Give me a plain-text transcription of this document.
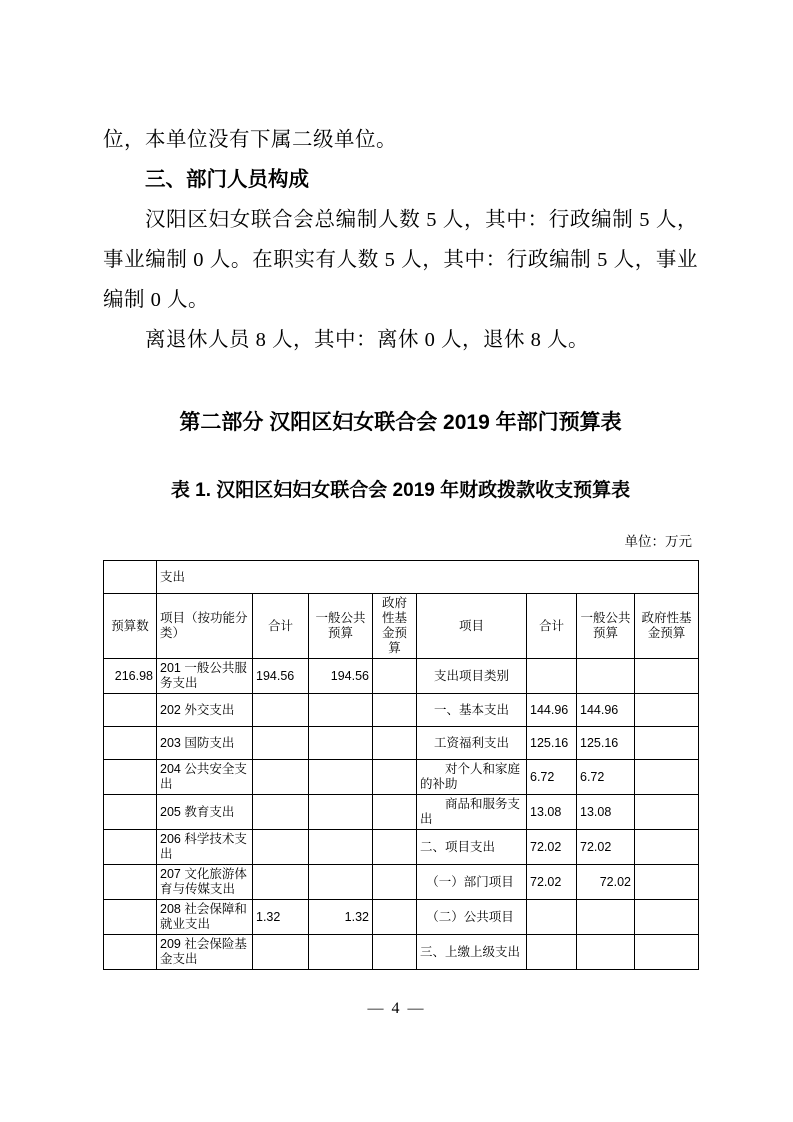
位，本单位没有下属二级单位。

三、部门人员构成

汉阳区妇女联合会总编制人数 5 人，其中：行政编制 5 人，事业编制 0 人。在职实有人数 5 人，其中：行政编制 5 人，事业编制 0 人。

离退休人员 8 人，其中：离休 0 人，退休 8 人。

第二部分 汉阳区妇女联合会 2019 年部门预算表

表 1. 汉阳区妇妇女联合会 2019 年财政拨款收支预算表

单位：万元
	支出							
预算数	项目（按功能分类）	合计	一般公共预算	政府性基金预算	项目	合计	一般公共预算	政府性基金预算
216.98	201 一般公共服务支出	194.56	194.56		支出项目类别			
	202 外交支出				一、基本支出	144.96	144.96	
	203 国防支出				工资福利支出	125.16	125.16	
	204 公共安全支出				　　对个人和家庭的补助	6.72	6.72	
	205 教育支出				　　商品和服务支出	13.08	13.08	
	206 科学技术支出				二、项目支出	72.02	72.02	
	207 文化旅游体育与传媒支出				　（一）部门项目	72.02	72.02	
	208 社会保障和就业支出	1.32	1.32		　（二）公共项目			
	209 社会保险基金支出				三、上缴上级支出			
— 4 —
